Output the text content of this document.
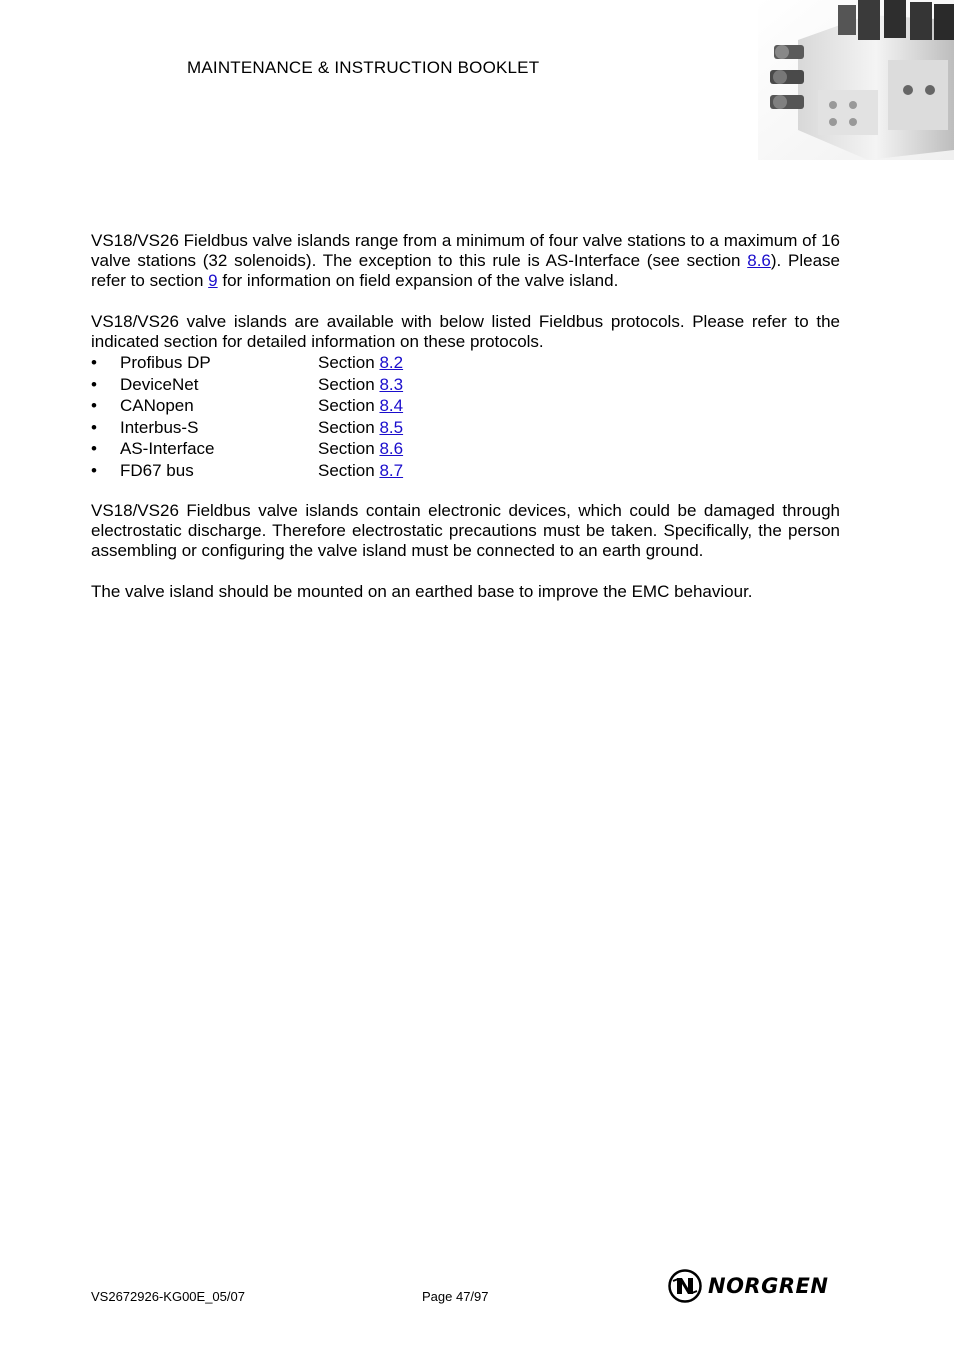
MAINTENANCE & INSTRUCTION BOOKLET

VS18/VS26 Fieldbus valve islands range from a minimum of four valve stations to a maximum of 16 valve stations (32 solenoids). The exception to this rule is AS-Interface (see section 8.6). Please refer to section 9 for information on field expansion of the valve island.

VS18/VS26 valve islands are available with below listed Fieldbus protocols. Please refer to the indicated section for detailed information on these protocols.

•	Profibus DP	Section 8.2
•	DeviceNet	Section 8.3
•	CANopen	Section 8.4
•	Interbus-S	Section 8.5
•	AS-Interface	Section 8.6
•	FD67 bus	Section 8.7

VS18/VS26 Fieldbus valve islands contain electronic devices, which could be damaged through electrostatic discharge. Therefore electrostatic precautions must be taken. Specifically, the person assembling or configuring the valve island must be connected to an earth ground.

The valve island should be mounted on an earthed base to improve the EMC behaviour.

VS2672926-KG00E_05/07	Page 47/97	NORGREN
